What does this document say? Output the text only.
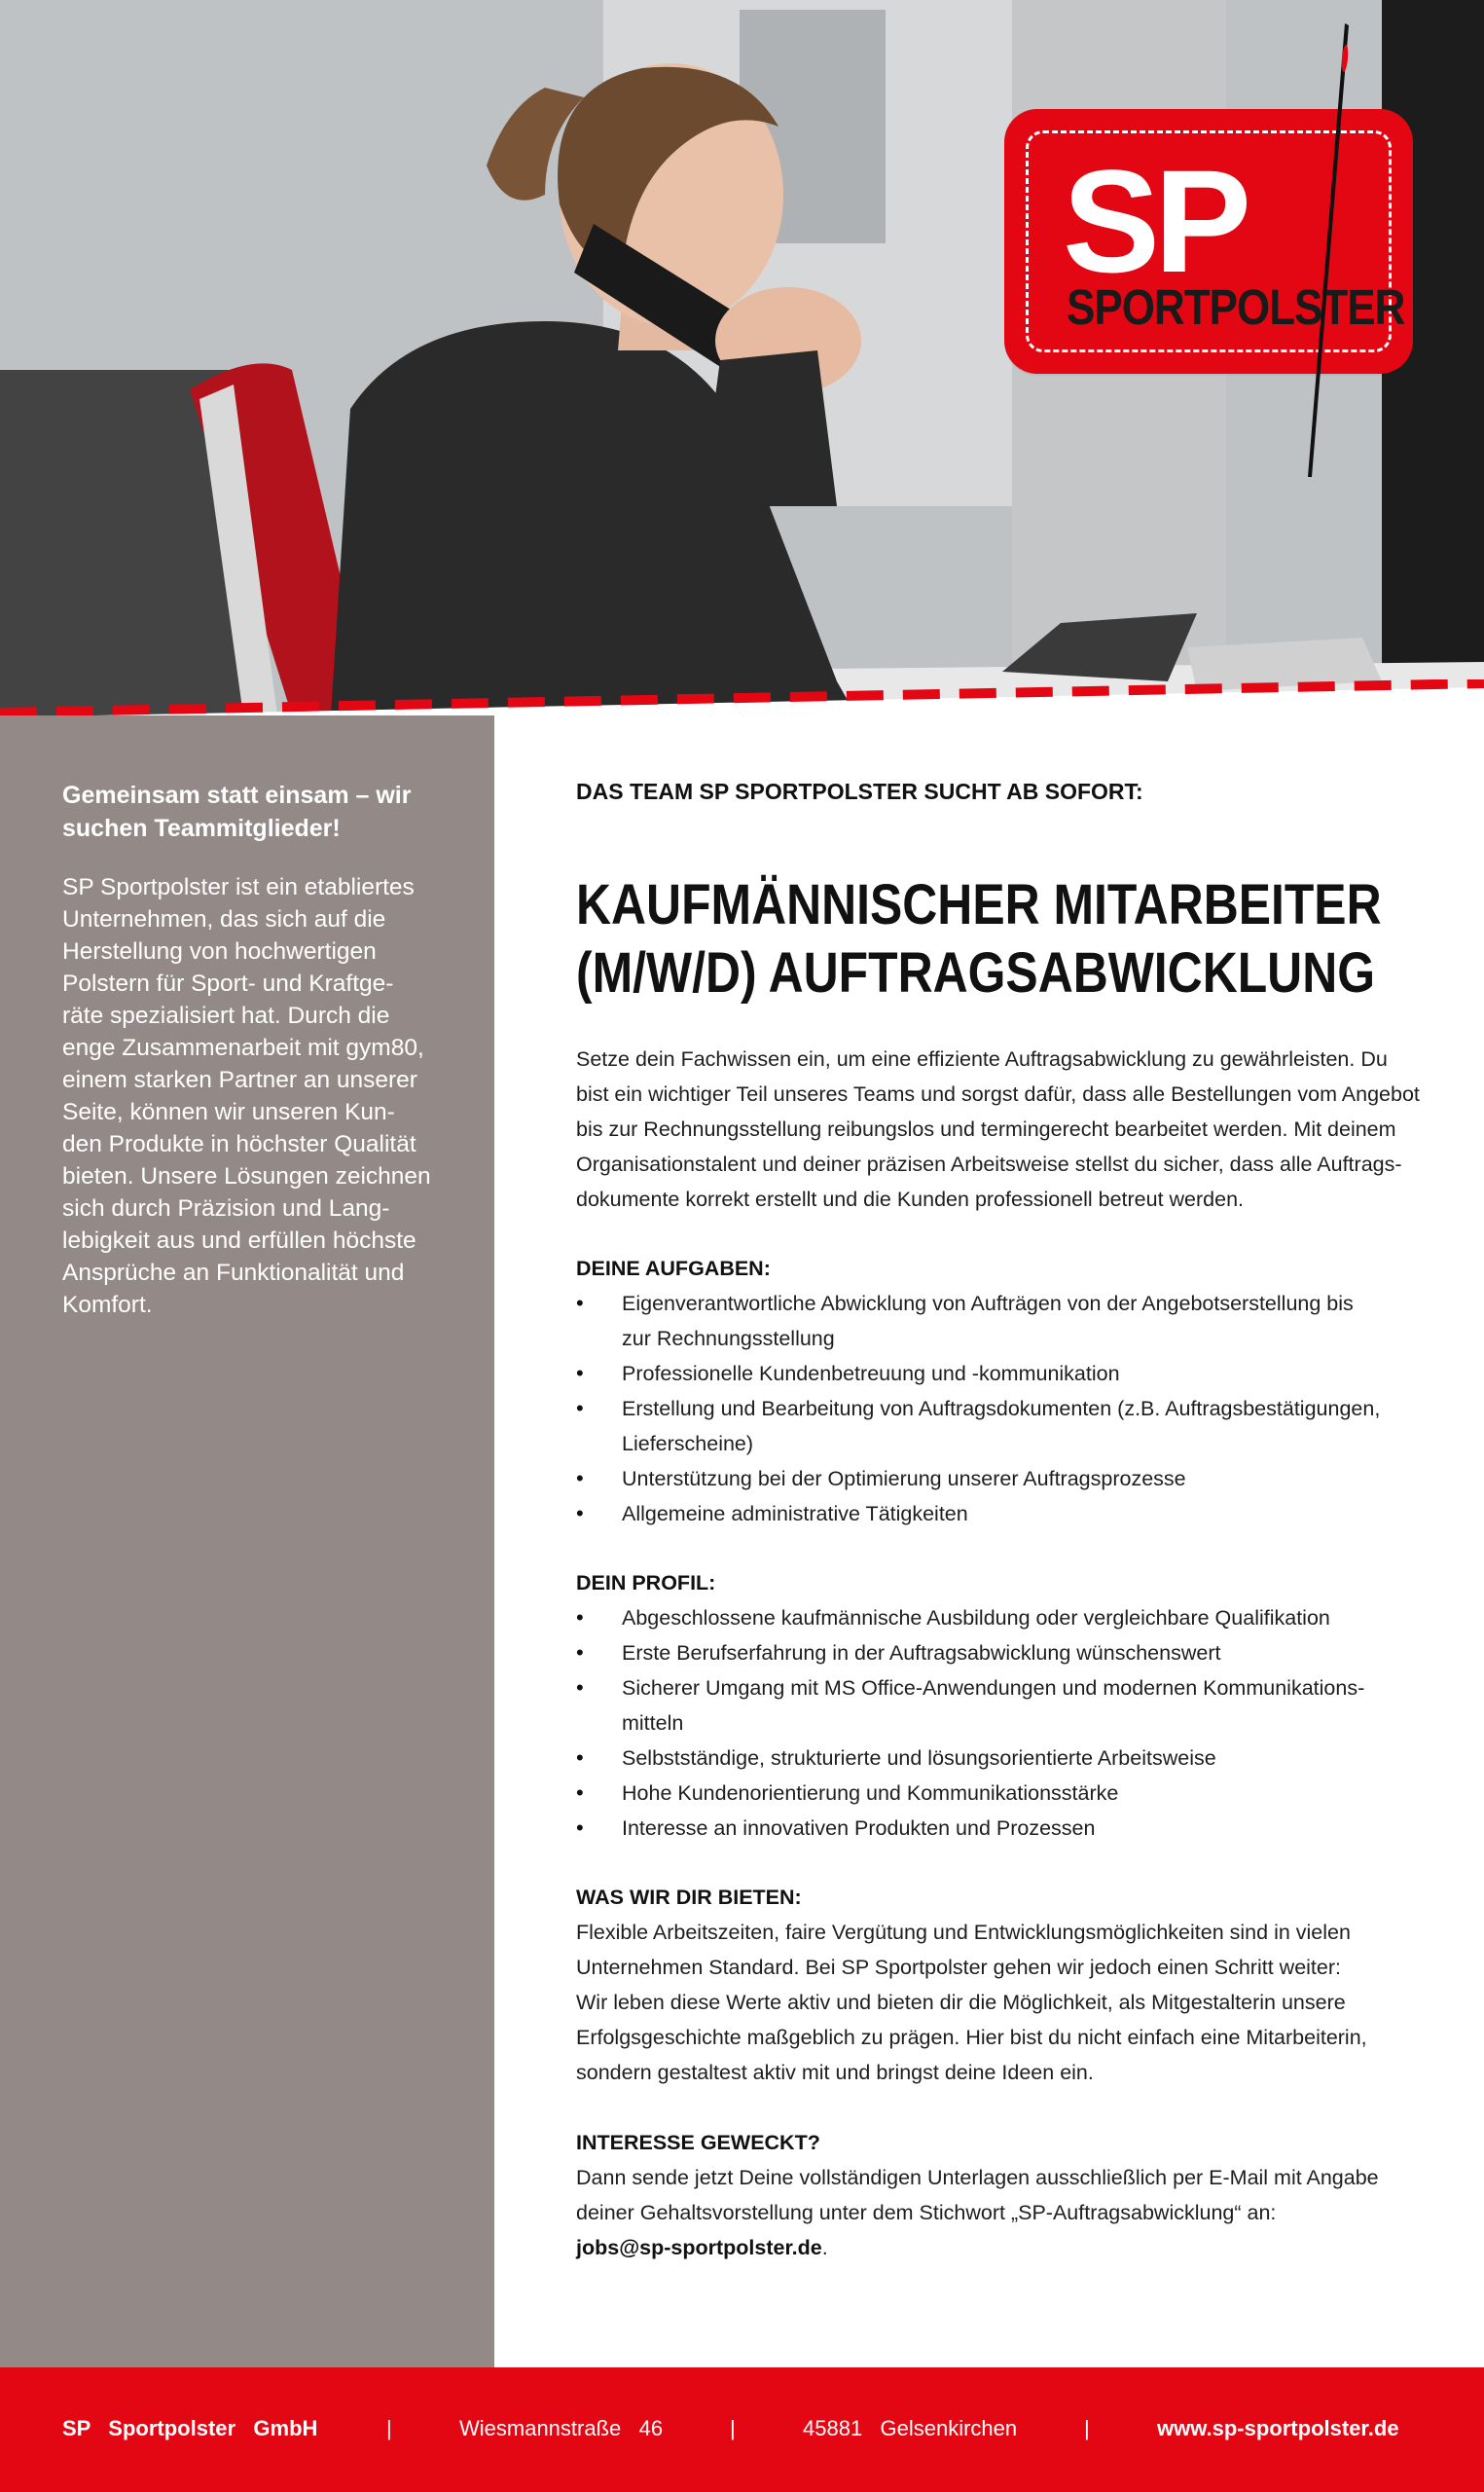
SP
SPORTPOLSTER
Gemeinsam statt einsam – wir suchen Teammitglieder!
SP Sportpolster ist ein etabliertes
Unternehmen, das sich auf die
Herstellung von hochwertigen
Polstern für Sport- und Kraftge-
räte spezialisiert hat. Durch die
enge Zusammenarbeit mit gym80,
einem starken Partner an unserer
Seite, können wir unseren Kun-
den Produkte in höchster Qualität
bieten. Unsere Lösungen zeichnen
sich durch Präzision und Lang-
lebigkeit aus und erfüllen höchste
Ansprüche an Funktionalität und
Komfort.
DAS TEAM SP SPORTPOLSTER SUCHT AB SOFORT:
KAUFMÄNNISCHER MITARBEITER
(M/W/D) AUFTRAGSABWICKLUNG
Setze dein Fachwissen ein, um eine effiziente Auftragsabwicklung zu gewährleisten. Du
bist ein wichtiger Teil unseres Teams und sorgst dafür, dass alle Bestellungen vom Angebot
bis zur Rechnungsstellung reibungslos und termingerecht bearbeitet werden. Mit deinem
Organisationstalent und deiner präzisen Arbeitsweise stellst du sicher, dass alle Auftrags-
dokumente korrekt erstellt und die Kunden professionell betreut werden.
DEINE AUFGABEN:
• Eigenverantwortliche Abwicklung von Aufträgen von der Angebotserstellung bis
zur Rechnungsstellung
• Professionelle Kundenbetreuung und -kommunikation
• Erstellung und Bearbeitung von Auftragsdokumenten (z.B. Auftragsbestätigungen,
Lieferscheine)
• Unterstützung bei der Optimierung unserer Auftragsprozesse
• Allgemeine administrative Tätigkeiten
DEIN PROFIL:
• Abgeschlossene kaufmännische Ausbildung oder vergleichbare Qualifikation
• Erste Berufserfahrung in der Auftragsabwicklung wünschenswert
• Sicherer Umgang mit MS Office-Anwendungen und modernen Kommunikations-
mitteln
• Selbstständige, strukturierte und lösungsorientierte Arbeitsweise
• Hohe Kundenorientierung und Kommunikationsstärke
• Interesse an innovativen Produkten und Prozessen
WAS WIR DIR BIETEN:

Flexible Arbeitszeiten, faire Vergütung und Entwicklungsmöglichkeiten sind in vielen
Unternehmen Standard. Bei SP Sportpolster gehen wir jedoch einen Schritt weiter:
Wir leben diese Werte aktiv und bieten dir die Möglichkeit, als Mitgestalterin unsere
Erfolgsgeschichte maßgeblich zu prägen. Hier bist du nicht einfach eine Mitarbeiterin,
sondern gestaltest aktiv mit und bringst deine Ideen ein.

INTERESSE GEWECKT?

Dann sende jetzt Deine vollständigen Unterlagen ausschließlich per E-Mail mit Angabe
deiner Gehaltsvorstellung unter dem Stichwort „SP-Auftragsabwicklung“ an:

jobs@sp-sportpolster.de.

SP   Sportpolster   GmbH	|	Wiesmannstraße   46	|	45881   Gelsenkirchen	|	www.sp-sportpolster.de
